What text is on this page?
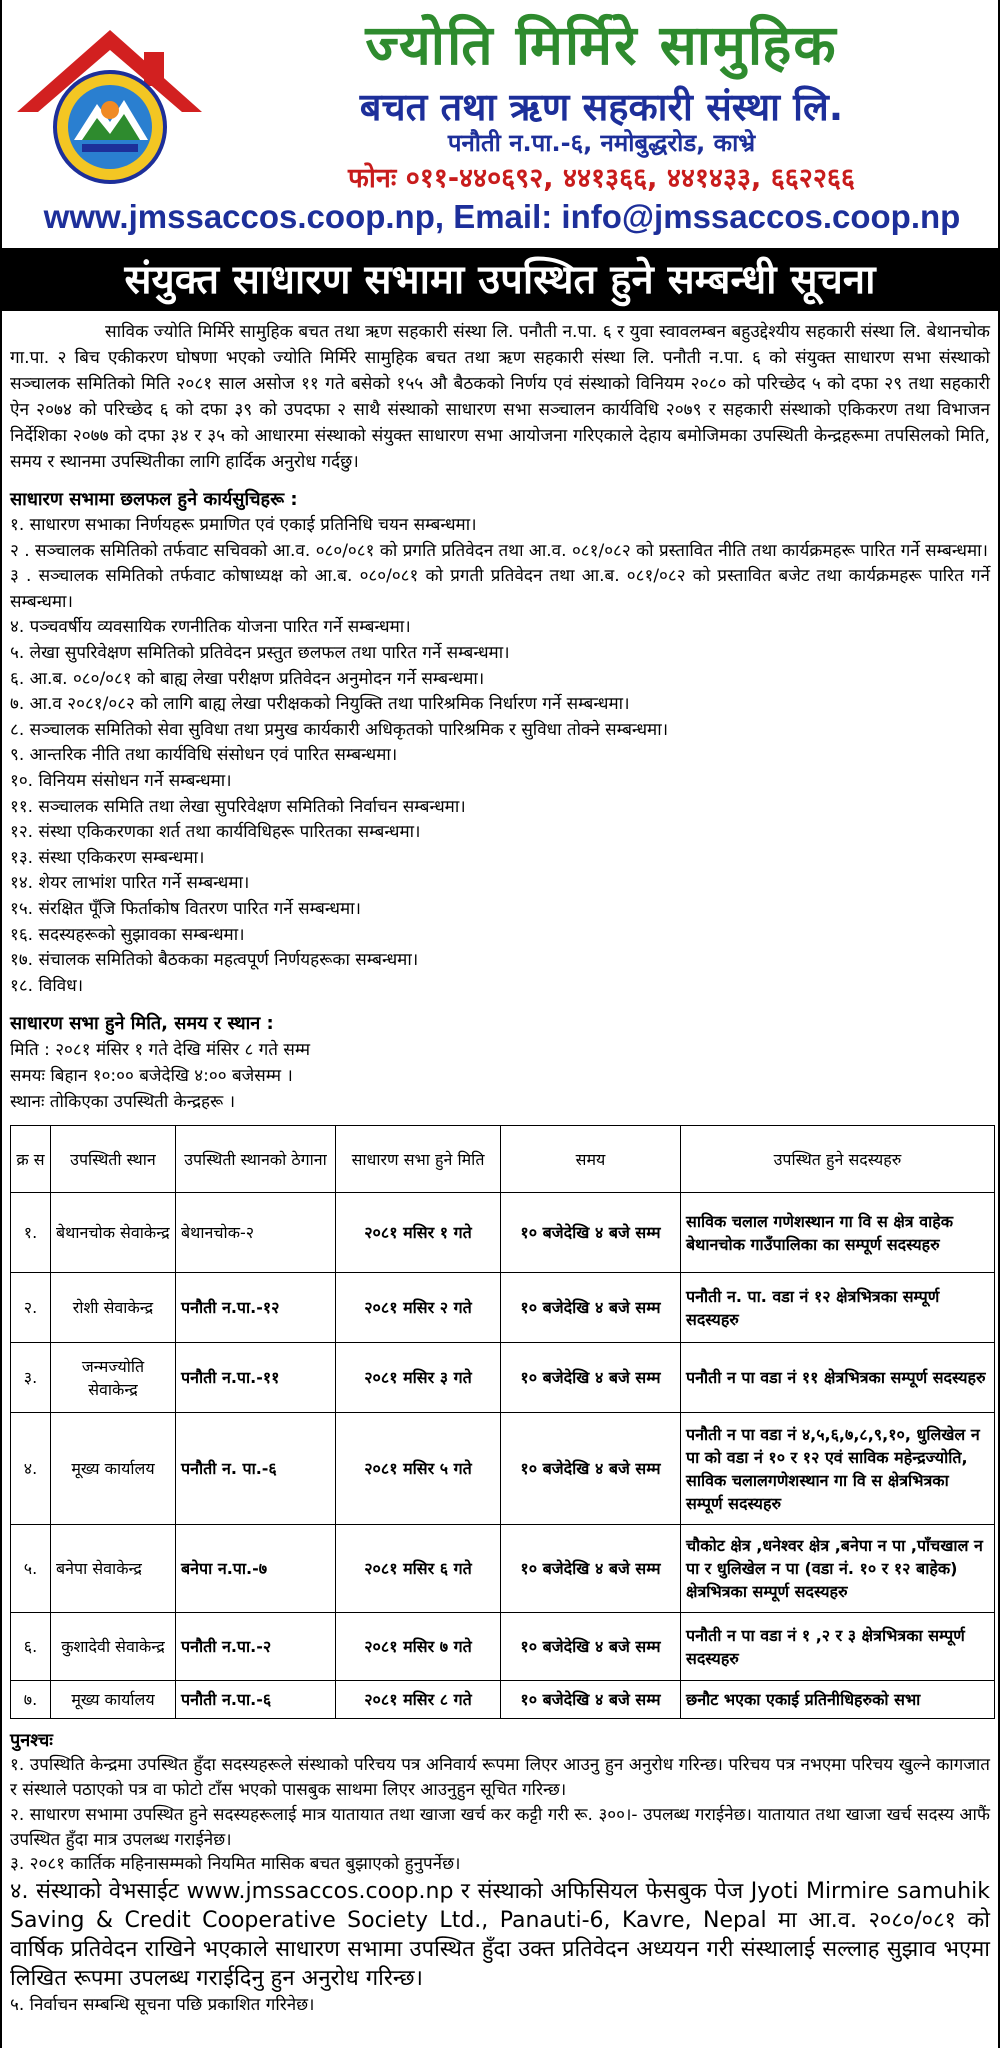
ज्योति मिर्मिरे सामुहिक
बचत तथा ऋण सहकारी संस्था लि.
पनौती न.पा.-६, नमोबुद्धरोड, काभ्रे
फोनः ०११-४४०६९२, ४४१३६६, ४४१४३३, ६६२२६६
www.jmssaccos.coop.np, Email: info@jmssaccos.coop.np
संयुक्त साधारण सभामा उपस्थित हुने सम्बन्धी सूचना

साविक ज्योति मिर्मिरे सामुहिक बचत तथा ऋण सहकारी संस्था लि. पनौती न.पा. ६ र युवा स्वावलम्बन बहुउद्देश्यीय सहकारी संस्था लि. बेथानचोक गा.पा. २ बिच एकीकरण घोषणा भएको ज्योति मिर्मिरे सामुहिक बचत तथा ऋण सहकारी संस्था लि. पनौती न.पा. ६ को संयुक्त साधारण सभा संस्थाको सञ्चालक समितिको मिति २०८१ साल असोज ११ गते बसेको १५५ औ बैठकको निर्णय एवं संस्थाको विनियम २०८० को परिच्छेद ५ को दफा २९ तथा सहकारी ऐन २०७४ को परिच्छेद ६ को दफा ३९ को उपदफा २ साथै संस्थाको साधारण सभा सञ्चालन कार्यविधि २०७९ र सहकारी संस्थाको एकिकरण तथा विभाजन निर्देशिका २०७७ को दफा ३४ र ३५ को आधारमा संस्थाको संयुक्त साधारण सभा आयोजना गरिएकाले देहाय बमोजिमका उपस्थिती केन्द्रहरूमा तपसिलको मिति, समय र स्थानमा उपस्थितीका लागि हार्दिक अनुरोध गर्दछु।

साधारण सभामा छलफल हुने कार्यसुचिहरू :
१. साधारण सभाका निर्णयहरू प्रमाणित एवं एकाई प्रतिनिधि चयन सम्बन्धमा।
२ . सञ्चालक समितिको तर्फवाट सचिवको आ.व. ०८०/०८१ को प्रगति प्रतिवेदन तथा आ.व. ०८१/०८२ को प्रस्तावित नीति तथा कार्यक्रमहरू पारित गर्ने सम्बन्धमा।
३ . सञ्चालक समितिको तर्फवाट कोषाध्यक्ष को आ.ब. ०८०/०८१ को प्रगती प्रतिवेदन तथा आ.ब. ०८१/०८२ को प्रस्तावित बजेट तथा कार्यक्रमहरू पारित गर्ने सम्बन्धमा।
४. पञ्चवर्षीय व्यवसायिक रणनीतिक योजना पारित गर्ने सम्बन्धमा।
५. लेखा सुपरिवेक्षण समितिको प्रतिवेदन प्रस्तुत छलफल तथा पारित गर्ने सम्बन्धमा।
६. आ.ब. ०८०/०८१ को बाह्य लेखा परीक्षण प्रतिवेदन अनुमोदन गर्ने सम्बन्धमा।
७. आ.व २०८१/०८२ को लागि बाह्य लेखा परीक्षकको नियुक्ति तथा पारिश्रमिक निर्धारण गर्ने सम्बन्धमा।
८. सञ्चालक समितिको सेवा सुविधा तथा प्रमुख कार्यकारी अधिकृतको पारिश्रमिक र सुविधा तोक्ने सम्बन्धमा।
९. आन्तरिक नीति तथा कार्यविधि संसोधन एवं पारित सम्बन्धमा।
१०. विनियम संसोधन गर्ने सम्बन्धमा।
११. सञ्चालक समिति तथा लेखा सुपरिवेक्षण समितिको निर्वाचन सम्बन्धमा।
१२. संस्था एकिकरणका शर्त तथा कार्यविधिहरू पारितका सम्बन्धमा।
१३. संस्था एकिकरण सम्बन्धमा।
१४. शेयर लाभांश पारित गर्ने सम्बन्धमा।
१५. संरक्षित पूँजि फिर्ताकोष वितरण पारित गर्ने सम्बन्धमा।
१६. सदस्यहरूको सुझावका सम्बन्धमा।
१७. संचालक समितिको बैठकका महत्वपूर्ण निर्णयहरूका सम्बन्धमा।
१८. विविध।
साधारण सभा हुने मिति, समय र स्थान :
मिति : २०८१ मंसिर १ गते देखि मंसिर ८ गते सम्म
समयः बिहान १०:०० बजेदेखि ४:०० बजेसम्म ।
स्थानः तोकिएका उपस्थिती केन्द्रहरू ।
क्र स	उपस्थिती स्थान	उपस्थिती स्थानको ठेगाना	साधारण सभा हुने मिति	समय	उपस्थित हुने सदस्यहरु
१.	बेथानचोक सेवाकेन्द्र	बेथानचोक-२	२०८१ मसिर १ गते	१० बजेदेखि ४ बजे सम्म	साविक चलाल गणेशस्थान गा वि स क्षेत्र वाहेक बेथानचोक गाउँपालिका का सम्पूर्ण सदस्यहरु
२.	रोशी सेवाकेन्द्र	पनौती न.पा.-१२	२०८१ मसिर २ गते	१० बजेदेखि ४ बजे सम्म	पनौती न. पा. वडा नं १२ क्षेत्रभित्रका सम्पूर्ण सदस्यहरु
३.	जन्मज्योति सेवाकेन्द्र	पनौती न.पा.-११	२०८१ मसिर ३ गते	१० बजेदेखि ४ बजे सम्म	पनौती न पा वडा नं ११ क्षेत्रभित्रका सम्पूर्ण सदस्यहरु
४.	मूख्य कार्यालय	पनौती न. पा.-६	२०८१ मसिर ५ गते	१० बजेदेखि ४ बजे सम्म	पनौती न पा वडा नं ४,५,६,७,८,९,१०, धुलिखेल न पा को वडा नं १० र १२ एवं साविक महेन्द्रज्योति, साविक चलालगणेशस्थान गा वि स क्षेत्रभित्रका सम्पूर्ण सदस्यहरु
५.	बनेपा सेवाकेन्द्र	बनेपा न.पा.-७	२०८१ मसिर ६ गते	१० बजेदेखि ४ बजे सम्म	चौकोट क्षेत्र ,धनेश्वर क्षेत्र ,बनेपा न पा ,पाँचखाल न पा र धुलिखेल न पा (वडा नं. १० र १२ बाहेक) क्षेत्रभित्रका सम्पूर्ण सदस्यहरु
६.	कुशादेवी सेवाकेन्द्र	पनौती न.पा.-२	२०८१ मसिर ७ गते	१० बजेदेखि ४ बजे सम्म	पनौती न पा वडा नं १ ,२ र ३ क्षेत्रभित्रका सम्पूर्ण सदस्यहरु
७.	मूख्य कार्यालय	पनौती न.पा.-६	२०८१ मसिर ८ गते	१० बजेदेखि ४ बजे सम्म	छनौट भएका एकाई प्रतिनीधिहरुको सभा
पुनश्चः
१. उपस्थिति केन्द्रमा उपस्थित हुँदा सदस्यहरूले संस्थाको परिचय पत्र अनिवार्य रूपमा लिएर आउनु हुन अनुरोध गरिन्छ। परिचय पत्र नभएमा परिचय खुल्ने कागजात र संस्थाले पठाएको पत्र वा फोटो टाँस भएको पासबुक साथमा लिएर आउनुहुन सूचित गरिन्छ।
२. साधारण सभामा उपस्थित हुने सदस्यहरूलाई मात्र यातायात तथा खाजा खर्च कर कट्टी गरी रू. ३००।- उपलब्ध गराईनेछ। यातायात तथा खाजा खर्च सदस्य आफैं उपस्थित हुँदा मात्र उपलब्ध गराईनेछ।
३. २०८१ कार्तिक महिनासम्मको नियमित मासिक बचत बुझाएको हुनुपर्नेछ।
४. संस्थाको वेभसाईट www.jmssaccos.coop.np र संस्थाको अफिसियल फेसबुक पेज Jyoti Mirmire samuhik Saving & Credit Cooperative Society Ltd., Panauti-6, Kavre, Nepal मा आ.व. २०८०/०८१ को वार्षिक प्रतिवेदन राखिने भएकाले साधारण सभामा उपस्थित हुँदा उक्त प्रतिवेदन अध्ययन गरी संस्थालाई सल्लाह सुझाव भएमा लिखित रूपमा उपलब्ध गराईदिनु हुन अनुरोध गरिन्छ।
५. निर्वाचन सम्बन्धि सूचना पछि प्रकाशित गरिनेछ।
